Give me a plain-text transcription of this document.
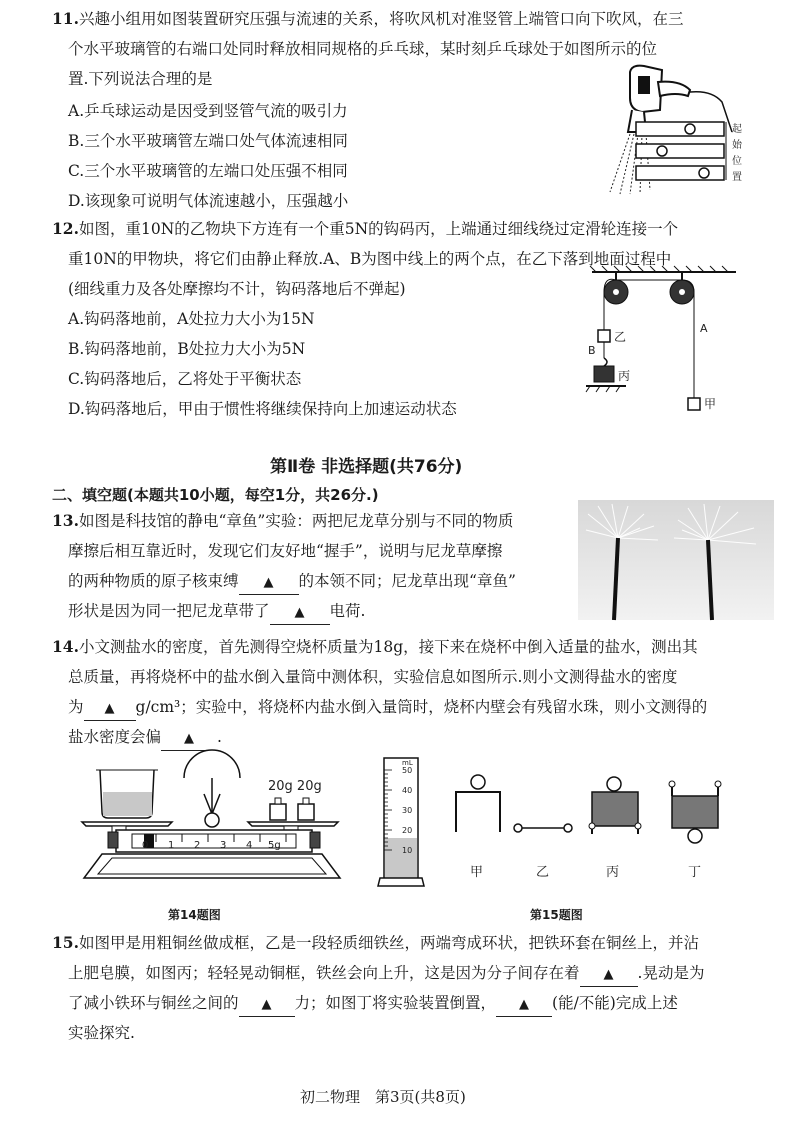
11.兴趣小组用如图装置研究压强与流速的关系，将吹风机对准竖管上端管口向下吹风，在三
个水平玻璃管的右端口处同时释放相同规格的乒乓球，某时刻乒乓球处于如图所示的位
置.下列说法合理的是
A.乒乓球运动是因受到竖管气流的吸引力
B.三个水平玻璃管左端口处气体流速相同
C.三个水平玻璃管的左端口处压强不相同
D.该现象可说明气体流速越小，压强越小
起
始
位
置
12.如图，重10N的乙物块下方连有一个重5N的钩码丙，上端通过细线绕过定滑轮连接一个
重10N的甲物块，将它们由静止释放.A、B为图中线上的两个点，在乙下落到地面过程中
(细线重力及各处摩擦均不计，钩码落地后不弹起)
A.钩码落地前，A处拉力大小为15N
B.钩码落地前，B处拉力大小为5N
C.钩码落地后，乙将处于平衡状态
D.钩码落地后，甲由于惯性将继续保持向上加速运动状态
乙
B
丙
A
甲
第Ⅱ卷 非选择题(共76分)
二、填空题(本题共10小题，每空1分，共26分.)
13.如图是科技馆的静电“章鱼”实验：两把尼龙草分别与不同的物质
摩擦后相互靠近时，发现它们友好地“握手”，说明与尼龙草摩擦
的两种物质的原子核束缚 ▲ 的本领不同；尼龙草出现“章鱼”
形状是因为同一把尼龙草带了 ▲ 电荷.
14.小文测盐水的密度，首先测得空烧杯质量为18g，接下来在烧杯中倒入适量的盐水，测出其
总质量，再将烧杯中的盐水倒入量筒中测体积，实验信息如图所示.则小文测得盐水的密度
为 ▲ g/cm³；实验中，将烧杯内盐水倒入量筒时，烧杯内壁会有残留水珠，则小文测得的
盐水密度会偏 ▲ .
20g 20g
0 1 2 3 4 5g
mL
50
40
30
20
10
甲	乙	丙	丁
第14题图	第15题图
15.如图甲是用粗铜丝做成框，乙是一段轻质细铁丝，两端弯成环状，把铁环套在铜丝上，并沾
上肥皂膜，如图丙；轻轻晃动铜框，铁丝会向上升，这是因为分子间存在着 ▲ .晃动是为
了减小铁环与铜丝之间的 ▲ 力；如图丁将实验装置倒置， ▲ (能/不能)完成上述
实验探究.
初二物理　第3页(共8页)
